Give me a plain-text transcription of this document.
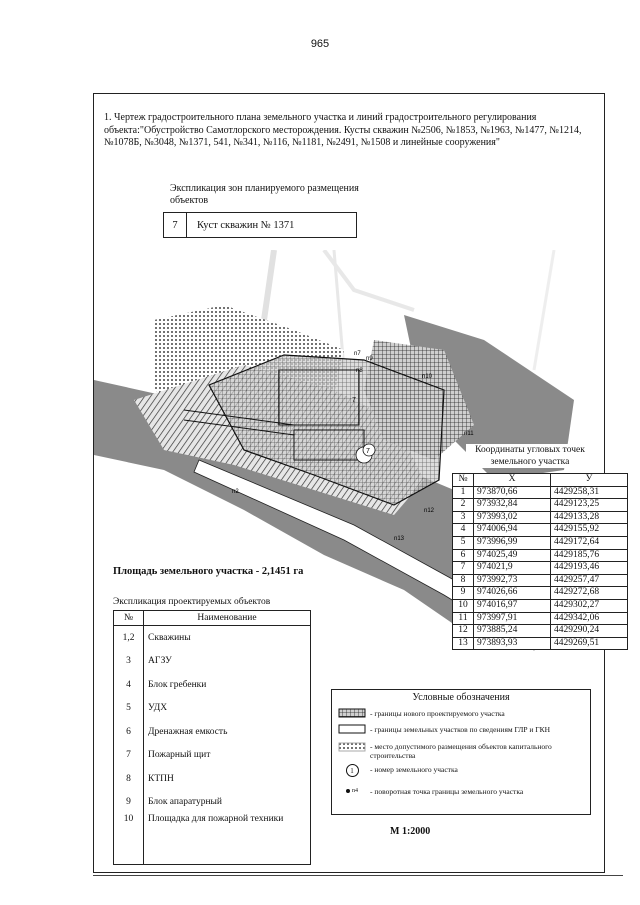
965
1. Чертеж градостроительного плана земельного участка и линий градостроительного регулирования объекта:"Обустройство Самотлорского месторождения. Кусты скважин №2506, №1853, №1963, №1477, №1214, №1078Б, №3048, №1371, 541, №341, №116, №1181, №2491, №1508 и линейные сооружения"
7
n2
n7
n8
n9
n10
n11
n12
n13
7
Экспликация зон планируемого размещения объектов
7	Куст скважин № 1371
Координаты угловых точек земельного участка
№	X	У
1	973870,66	4429258,31
2	973932,84	4429123,25
3	973993,02	4429133,28
4	974006,94	4429155,92
5	973996,99	4429172,64
6	974025,49	4429185,76
7	974021,9	4429193,46
8	973992,73	4429257,47
9	974026,66	4429272,68
10	974016,97	4429302,27
11	973997,91	4429342,06
12	973885,24	4429290,24
13	973893,93	4429269,51
Площадь земельного участка - 2,1451 га
Экспликация проектируемых объектов
№	Наименование
1,2	Скважины
3	АГЗУ
4	Блок гребенки
5	УДХ
6	Дренажная емкость
7	Пожарный щит
8	КТПН
9	Блок апаратурный
10	Площадка для пожарной техники
Условные обозначения
- границы нового проектируемого участка
- границы земельных участков по сведениям ГЛР и ГКН
- место допустимого размещения объектов капитального строительства
1	- номер земельного участка
n4 - поворотная точка границы земельного участка
М 1:2000
